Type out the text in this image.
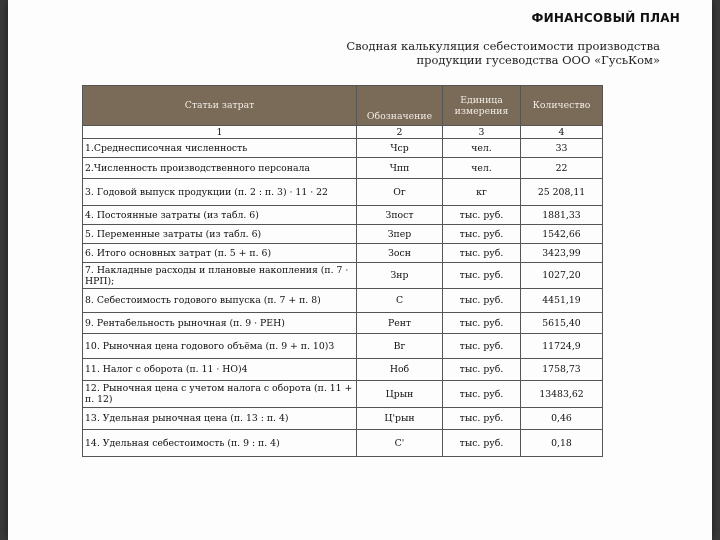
ФИНАНСОВЫЙ ПЛАН
Сводная калькуляция себестоимости производства
продукции гусеводства ООО «ГусьКом»
Статьи затрат	Обозначение	Единица измерения	Количество
1	2	3	4
1.Среднесписочная численность	Чср	чел.	33
2.Численность производственного персонала	Чпп	чел.	22
3. Годовой выпуск продукции (п. 2 : п. 3) · 11 · 22	Ог	кг	25 208,11
4. Постоянные затраты (из табл. 6)	Зпост	тыс. руб.	1881,33
5. Переменные затраты (из табл. 6)	Зпер	тыс. руб.	1542,66
6. Итого основных затрат (п. 5 + п. 6)	Зосн	тыс. руб.	3423,99
7. Накладные расходы и плановые накопления (п. 7 · НРП);	Знр	тыс. руб.	1027,20
8. Себестоимость годового выпуска (п. 7 + п. 8)	С	тыс. руб.	4451,19
9. Рентабельность рыночная (п. 9 · РЕН)	Рент	тыс. руб.	5615,40
10. Рыночная цена годового объёма (п. 9 + п. 10)З	Вг	тыс. руб.	11724,9
11. Налог с оборота (п. 11 · НО)4	Ноб	тыс. руб.	1758,73
12. Рыночная цена с учетом налога с оборота (п. 11 + п. 12)	Црын	тыс. руб.	13483,62
13. Удельная рыночная цена (п. 13 : п. 4)	Ц'рын	тыс. руб.	0,46
14. Удельная себестоимость (п. 9 : п. 4)	С'	тыс. руб.	0,18
